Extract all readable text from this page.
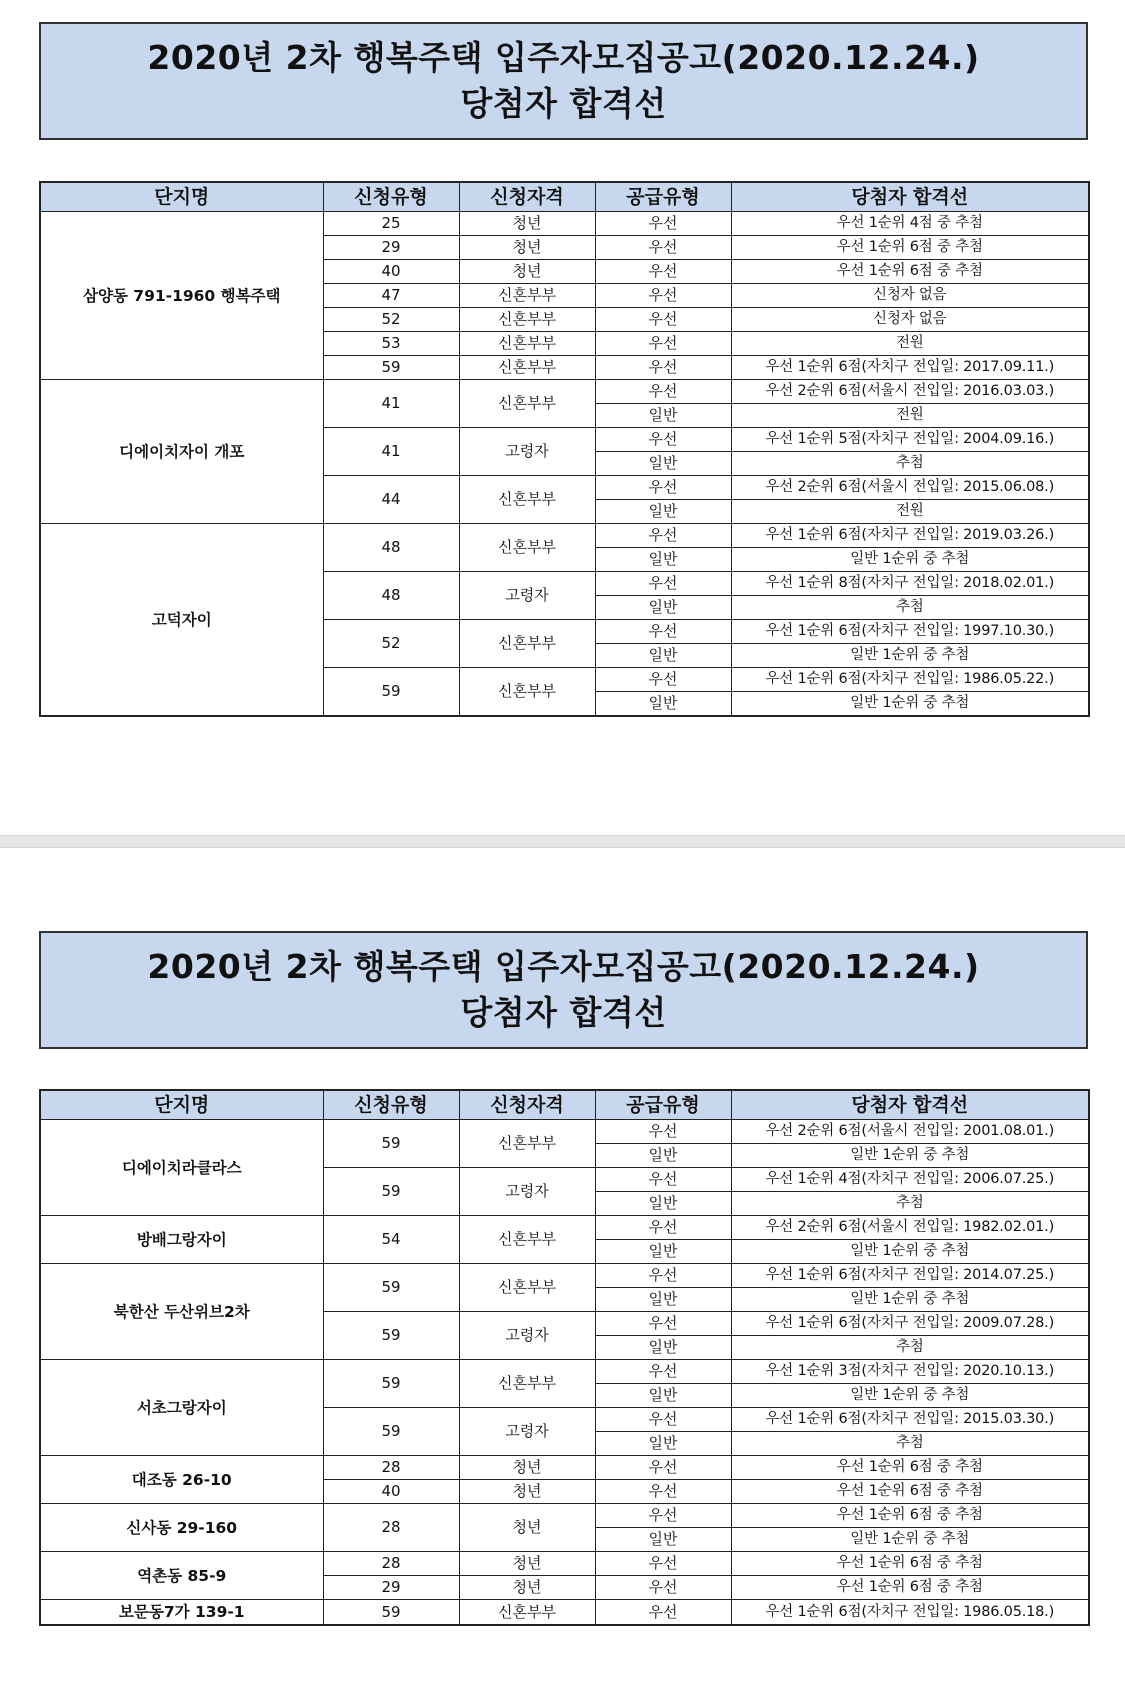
2020년 2차 행복주택 입주자모집공고(2020.12.24.)
당첨자 합격선
단지명	신청유형	신청자격	공급유형	당첨자 합격선
삼양동 791-1960 행복주택	25	청년	우선	우선 1순위 4점 중 추첨
	29	청년	우선	우선 1순위 6점 중 추첨
	40	청년	우선	우선 1순위 6점 중 추첨
	47	신혼부부	우선	신청자 없음
	52	신혼부부	우선	신청자 없음
	53	신혼부부	우선	전원
	59	신혼부부	우선	우선 1순위 6점(자치구 전입일: 2017.09.11.)
디에이치자이 개포	41	신혼부부	우선	우선 2순위 6점(서울시 전입일: 2016.03.03.)
			일반	전원
	41	고령자	우선	우선 1순위 5점(자치구 전입일: 2004.09.16.)
			일반	추첨
	44	신혼부부	우선	우선 2순위 6점(서울시 전입일: 2015.06.08.)
			일반	전원
고덕자이	48	신혼부부	우선	우선 1순위 6점(자치구 전입일: 2019.03.26.)
			일반	일반 1순위 중 추첨
	48	고령자	우선	우선 1순위 8점(자치구 전입일: 2018.02.01.)
			일반	추첨
	52	신혼부부	우선	우선 1순위 6점(자치구 전입일: 1997.10.30.)
			일반	일반 1순위 중 추첨
	59	신혼부부	우선	우선 1순위 6점(자치구 전입일: 1986.05.22.)
			일반	일반 1순위 중 추첨
2020년 2차 행복주택 입주자모집공고(2020.12.24.)
당첨자 합격선
단지명	신청유형	신청자격	공급유형	당첨자 합격선
디에이치라클라스	59	신혼부부	우선	우선 2순위 6점(서울시 전입일: 2001.08.01.)
			일반	일반 1순위 중 추첨
	59	고령자	우선	우선 1순위 4점(자치구 전입일: 2006.07.25.)
			일반	추첨
방배그랑자이	54	신혼부부	우선	우선 2순위 6점(서울시 전입일: 1982.02.01.)
			일반	일반 1순위 중 추첨
북한산 두산위브2차	59	신혼부부	우선	우선 1순위 6점(자치구 전입일: 2014.07.25.)
			일반	일반 1순위 중 추첨
	59	고령자	우선	우선 1순위 6점(자치구 전입일: 2009.07.28.)
			일반	추첨
서초그랑자이	59	신혼부부	우선	우선 1순위 3점(자치구 전입일: 2020.10.13.)
			일반	일반 1순위 중 추첨
	59	고령자	우선	우선 1순위 6점(자치구 전입일: 2015.03.30.)
			일반	추첨
대조동 26-10	28	청년	우선	우선 1순위 6점 중 추첨
	40	청년	우선	우선 1순위 6점 중 추첨
신사동 29-160	28	청년	우선	우선 1순위 6점 중 추첨
			일반	일반 1순위 중 추첨
역촌동 85-9	28	청년	우선	우선 1순위 6점 중 추첨
	29	청년	우선	우선 1순위 6점 중 추첨
보문동7가 139-1	59	신혼부부	우선	우선 1순위 6점(자치구 전입일: 1986.05.18.)
